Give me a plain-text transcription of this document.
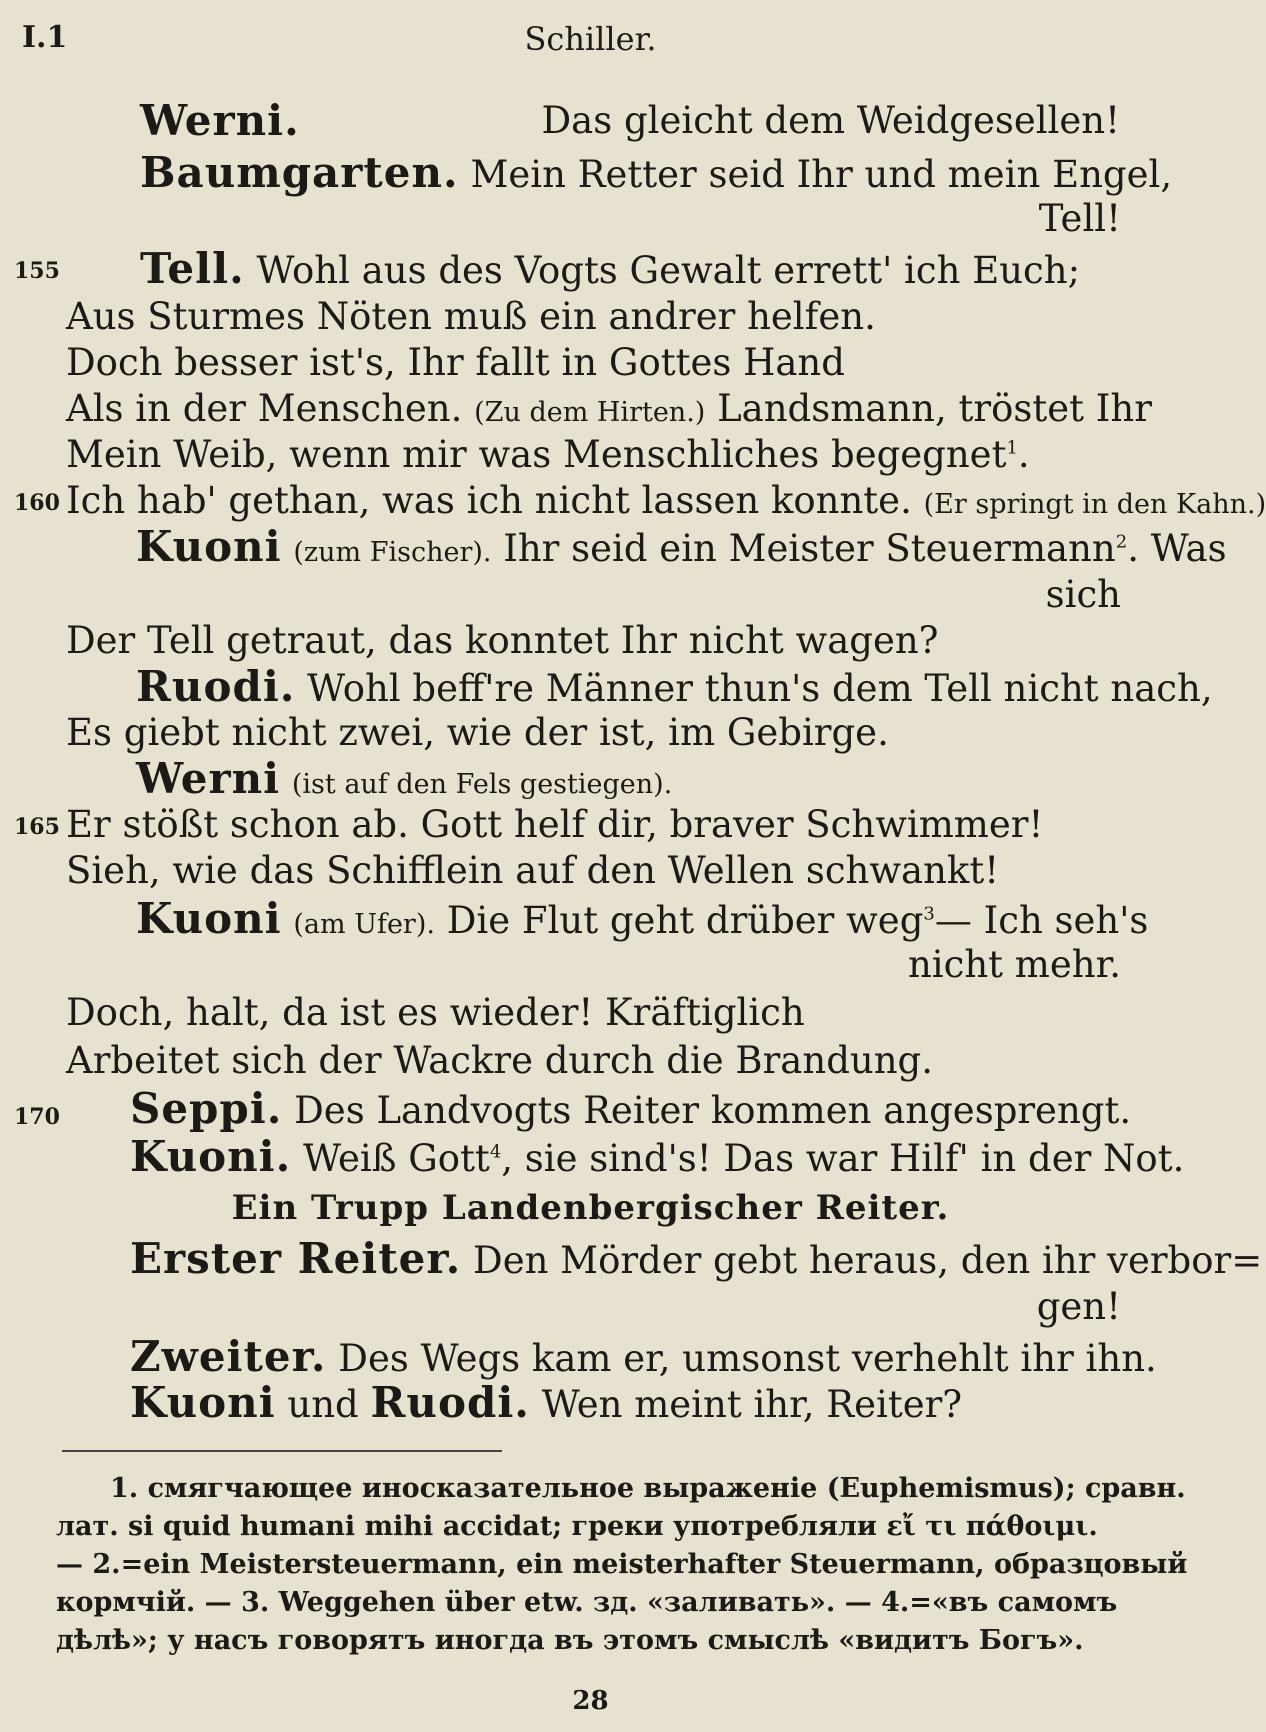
I.1	Schiller.
Werni.	Das gleicht dem Weidgesellen!
Baumgarten. Mein Retter seid Ihr und mein Engel,
Tell!
155 Tell. Wohl aus des Vogts Gewalt errett' ich Euch;
Aus Sturmes Nöten muß ein andrer helfen.
Doch besser ist's, Ihr fallt in Gottes Hand
Als in der Menschen. (Zu dem Hirten.) Landsmann, tröstet Ihr
Mein Weib, wenn mir was Menschliches begegnet$^1$.
160 Ich hab' gethan, was ich nicht lassen konnte. (Er springt in den Kahn.)
Kuoni (zum Fischer). Ihr seid ein Meister Steuermann$^2$. Was
sich
Der Tell getraut, das konntet Ihr nicht wagen?
Ruodi. Wohl beff're Männer thun's dem Tell nicht nach,
Es giebt nicht zwei, wie der ist, im Gebirge.
Werni (ist auf den Fels gestiegen).
165 Er stößt schon ab. Gott helf dir, braver Schwimmer!
Sieh, wie das Schifflein auf den Wellen schwankt!
Kuoni (am Ufer). Die Flut geht drüber weg$^3$— Ich seh's
nicht mehr.
Doch, halt, da ist es wieder! Kräftiglich
Arbeitet sich der Wackre durch die Brandung.
170 Seppi. Des Landvogts Reiter kommen angesprengt.
Kuoni. Weiß Gott$^4$, sie sind's! Das war Hilf' in der Not.
Ein Trupp Landenbergischer Reiter.
Erster Reiter. Den Mörder gebt heraus, den ihr verbor=
gen!
Zweiter. Des Wegs kam er, umsonst verhehlt ihr ihn.
Kuoni und Ruodi. Wen meint ihr, Reiter?
1. смягчающее иносказательное выраженіе (Euphemismus); сравн.
лат. si quid humani mihi accidat; греки употребляли εἴ τι πάθοιμι.
— 2.=ein Meistersteuermann, ein meisterhafter Steuermann, образцовый
кормчій. — 3. Weggehen über etw. зд. «заливать». — 4.=«въ самомъ
дѣлѣ»; у насъ говорятъ иногда въ этомъ смыслѣ «видитъ Богъ».
28
